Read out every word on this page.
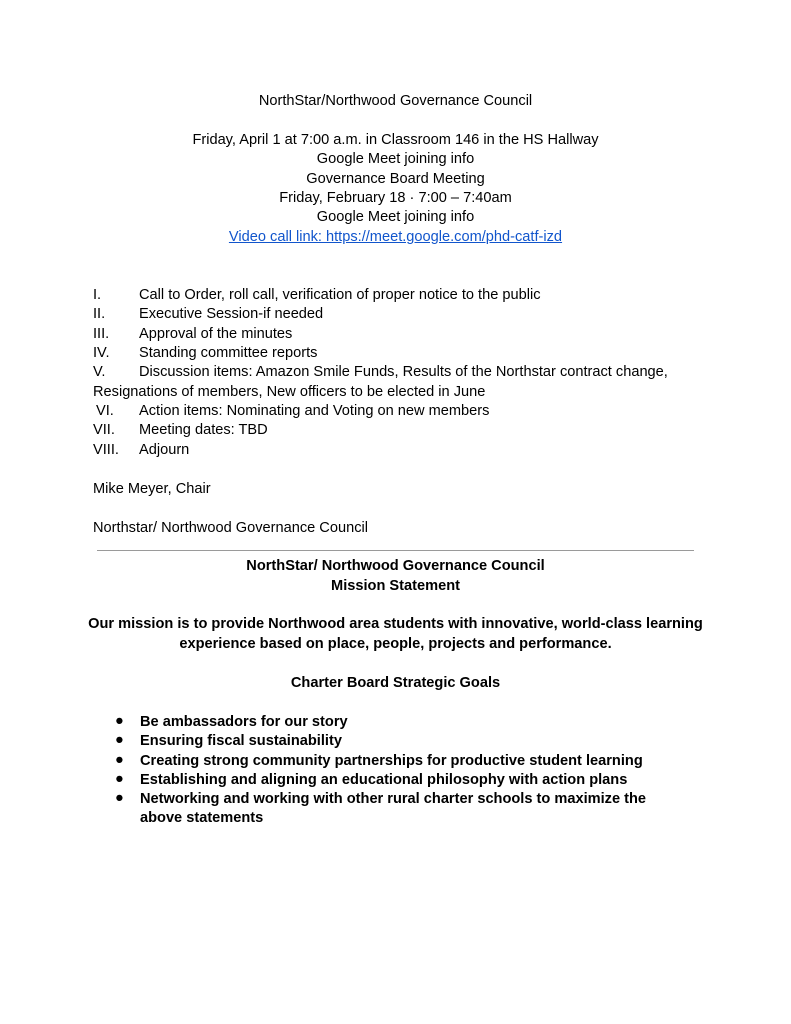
NorthStar/Northwood Governance Council
Friday, April 1 at 7:00 a.m. in Classroom 146 in the HS Hallway
Google Meet joining info
Governance Board Meeting
Friday, February 18 · 7:00 – 7:40am
Google Meet joining info
Video call link: https://meet.google.com/phd-catf-izd
I.	Call to Order, roll call, verification of proper notice to the public
II. Executive Session-if needed
III. Approval of the minutes
IV. Standing committee reports
V. Discussion items: Amazon Smile Funds, Results of the Northstar contract change,
Resignations of members, New officers to be elected in June
VI. Action items: Nominating and Voting on new members
VII. Meeting dates: TBD
VIII. Adjourn
Mike Meyer, Chair
Northstar/ Northwood Governance Council
NorthStar/ Northwood Governance Council
Mission Statement
Our mission is to provide Northwood area students with innovative, world-class learning
experience based on place, people, projects and performance.
Charter Board Strategic Goals
● Be ambassadors for our story
● Ensuring fiscal sustainability
● Creating strong community partnerships for productive student learning
● Establishing and aligning an educational philosophy with action plans
● Networking and working with other rural charter schools to maximize the above statements
